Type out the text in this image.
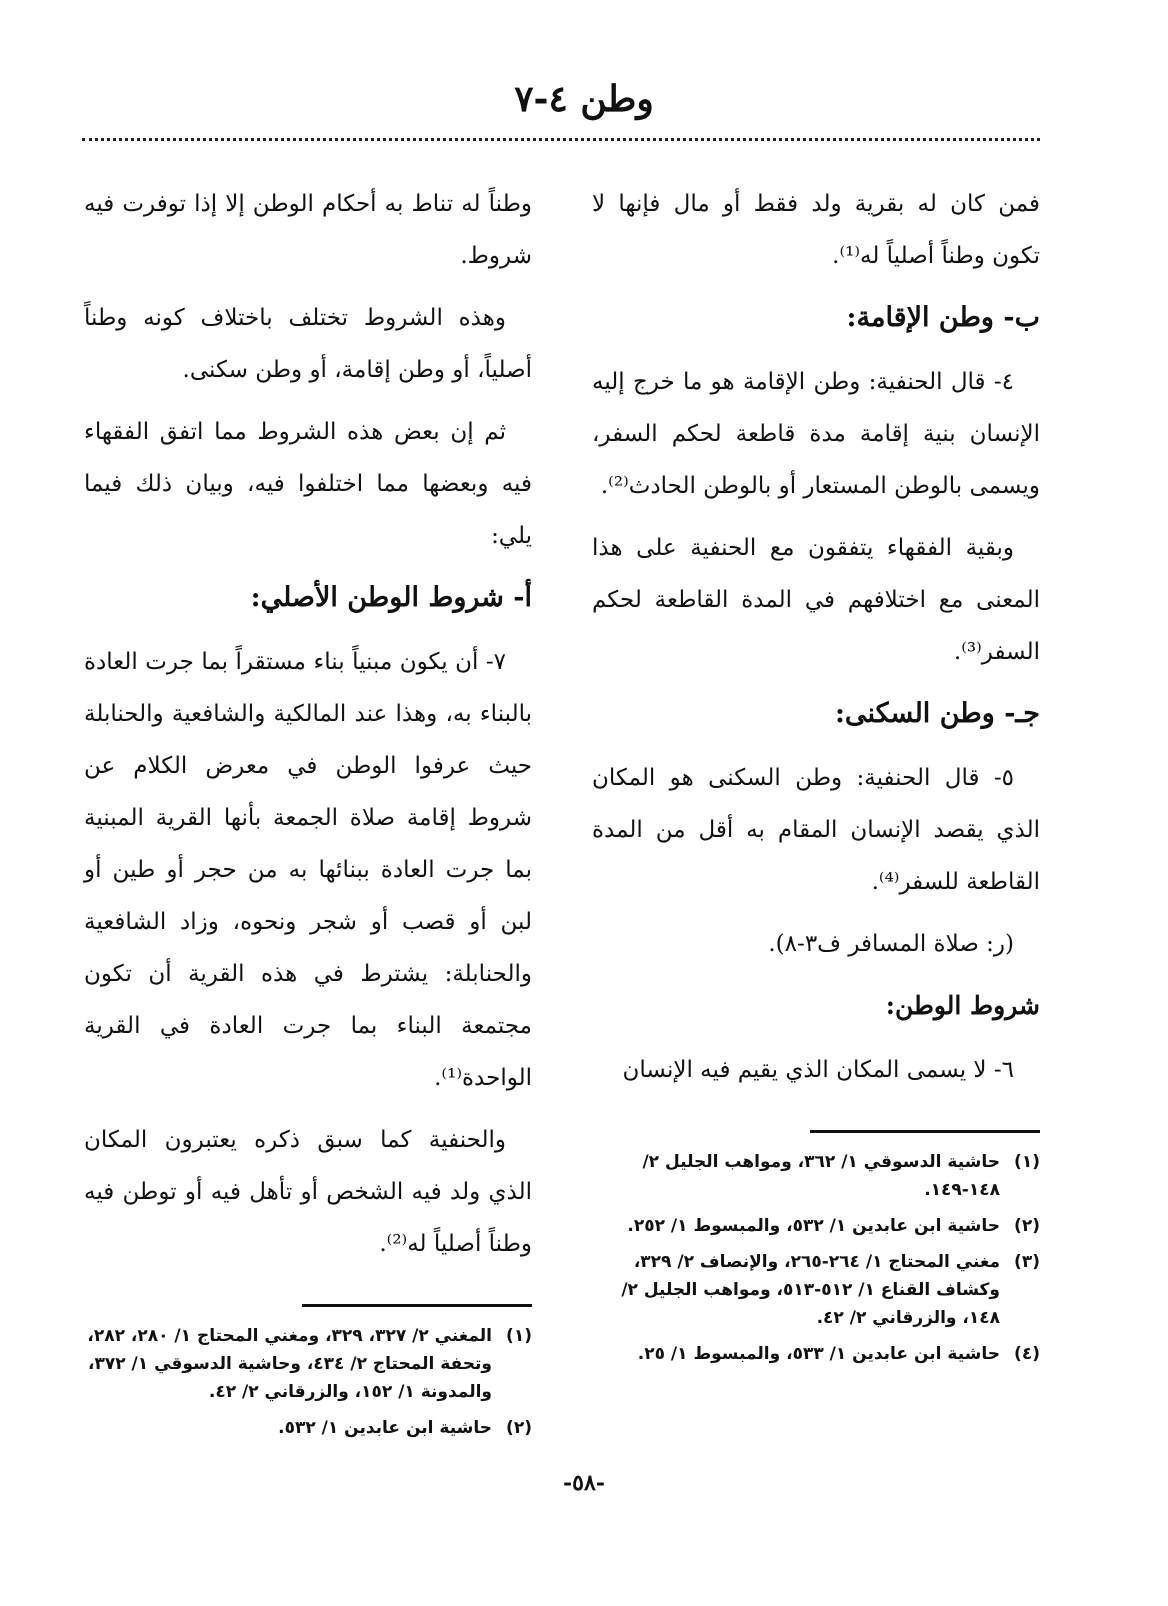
وطن ٤-٧

فمن كان له بقرية ولد فقط أو مال فإنها لا تكون وطناً أصلياً له⁽¹⁾.

ب- وطن الإقامة:

٤- قال الحنفية: وطن الإقامة هو ما خرج إليه الإنسان بنية إقامة مدة قاطعة لحكم السفر، ويسمى بالوطن المستعار أو بالوطن الحادث⁽²⁾.

وبقية الفقهاء يتفقون مع الحنفية على هذا المعنى مع اختلافهم في المدة القاطعة لحكم السفر⁽³⁾.

جـ- وطن السكنى:

٥- قال الحنفية: وطن السكنى هو المكان الذي يقصد الإنسان المقام به أقل من المدة القاطعة للسفر⁽⁴⁾.

(ر: صلاة المسافر ف٣-٨).

شروط الوطن:

٦- لا يسمى المكان الذي يقيم فيه الإنسان

وطناً له تناط به أحكام الوطن إلا إذا توفرت فيه شروط.

وهذه الشروط تختلف باختلاف كونه وطناً أصلياً، أو وطن إقامة، أو وطن سكنى.

ثم إن بعض هذه الشروط مما اتفق الفقهاء فيه وبعضها مما اختلفوا فيه، وبيان ذلك فيما يلي:

أ- شروط الوطن الأصلي:

٧- أن يكون مبنياً بناء مستقراً بما جرت العادة بالبناء به، وهذا عند المالكية والشافعية والحنابلة حيث عرفوا الوطن في معرض الكلام عن شروط إقامة صلاة الجمعة بأنها القرية المبنية بما جرت العادة ببنائها به من حجر أو طين أو لبن أو قصب أو شجر ونحوه، وزاد الشافعية والحنابلة: يشترط في هذه القرية أن تكون مجتمعة البناء بما جرت العادة في القرية الواحدة⁽¹⁾.

والحنفية كما سبق ذكره يعتبرون المكان الذي ولد فيه الشخص أو تأهل فيه أو توطن فيه وطناً أصلياً له⁽²⁾.

(١)
حاشية الدسوقي ١/ ٣٦٢، ومواهب الجليل ٢/ ١٤٨-١٤٩.
(٢)
حاشية ابن عابدين ١/ ٥٣٢، والمبسوط ١/ ٢٥٢.
(٣)
مغني المحتاج ١/ ٢٦٤-٢٦٥، والإنصاف ٢/ ٣٢٩، وكشاف القناع ١/ ٥١٢-٥١٣، ومواهب الجليل ٢/ ١٤٨، والزرقاني ٢/ ٤٢.
(٤)
حاشية ابن عابدين ١/ ٥٣٣، والمبسوط ١/ ٢٥.
(١)
المغني ٢/ ٣٢٧، ٣٢٩، ومغني المحتاج ١/ ٢٨٠، ٢٨٢، وتحفة المحتاج ٢/ ٤٣٤، وحاشية الدسوقي ١/ ٣٧٢، والمدونة ١/ ١٥٢، والزرقاني ٢/ ٤٢.
(٢)
حاشية ابن عابدين ١/ ٥٣٢.
-٥٨-
